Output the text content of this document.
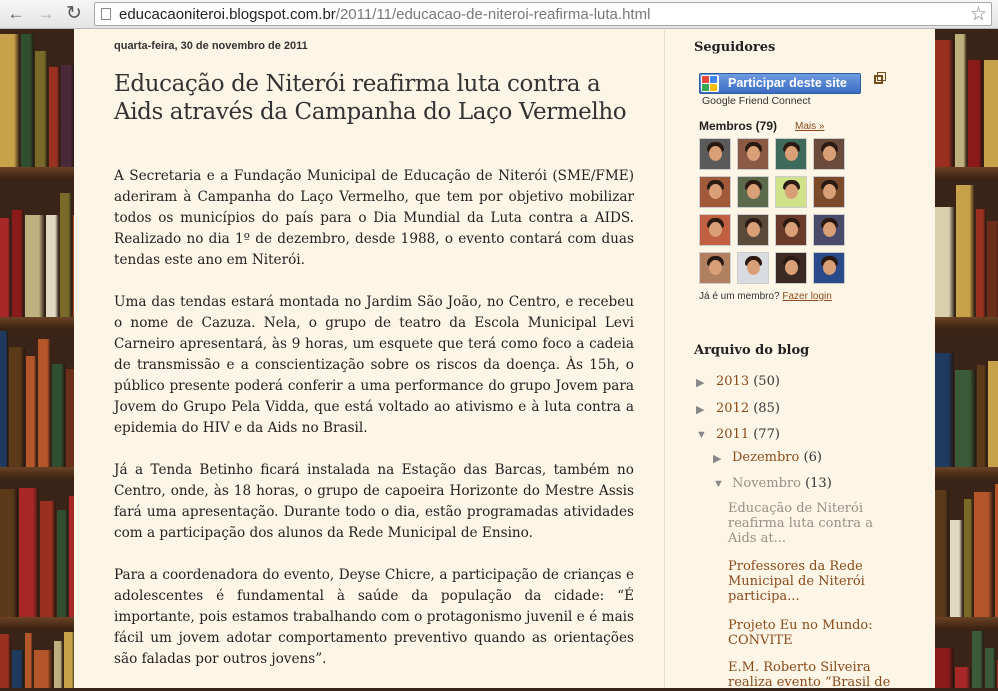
← → ↻ educacaoniteroi.blogspot.com.br/2011/11/educacao-de-niteroi-reafirma-luta.html	☆
quarta-feira, 30 de novembro de 2011
Educação de Niterói reafirma luta contra a Aids através da Campanha do Laço Vermelho

A Secretaria e a Fundação Municipal de Educação de Niterói (SME/FME) aderiram à Campanha do Laço Vermelho, que tem por objetivo mobilizar todos os municípios do país para o Dia Mundial da Luta contra a AIDS. Realizado no dia 1º de dezembro, desde 1988, o evento contará com duas tendas este ano em Niterói.

Uma das tendas estará montada no Jardim São João, no Centro, e recebeu o nome de Cazuza. Nela, o grupo de teatro da Escola Municipal Levi Carneiro apresentará, às 9 horas, um esquete que terá como foco a cadeia de transmissão e a conscientização sobre os riscos da doença. Às 15h, o público presente poderá conferir a uma performance do grupo Jovem para Jovem do Grupo Pela Vidda, que está voltado ao ativismo e à luta contra a epidemia do HIV e da Aids no Brasil.

Já a Tenda Betinho ficará instalada na Estação das Barcas, também no Centro, onde, às 18 horas, o grupo de capoeira Horizonte do Mestre Assis fará uma apresentação. Durante todo o dia, estão programadas atividades com a participação dos alunos da Rede Municipal de Ensino.

Para a coordenadora do evento, Deyse Chicre, a participação de crianças e adolescentes é fundamental à saúde da população da cidade: “É importante, pois estamos trabalhando com o protagonismo juvenil e é mais fácil um jovem adotar comportamento preventivo quando as orientações são faladas por outros jovens”.

Seguidores
Participar deste site
Google Friend Connect
Membros (79) Mais »
Já é um membro? Fazer login
Arquivo do blog
▶ 2013 (50)
▶ 2012 (85)
▼ 2011 (77)
▶ Dezembro (6)
▼ Novembro (13)
Educação de Niterói reafirma luta contra a Aids at...
Professores da Rede Municipal de Niterói participa...
Projeto Eu no Mundo: CONVITE
E.M. Roberto Silveira realiza evento “Brasil de
